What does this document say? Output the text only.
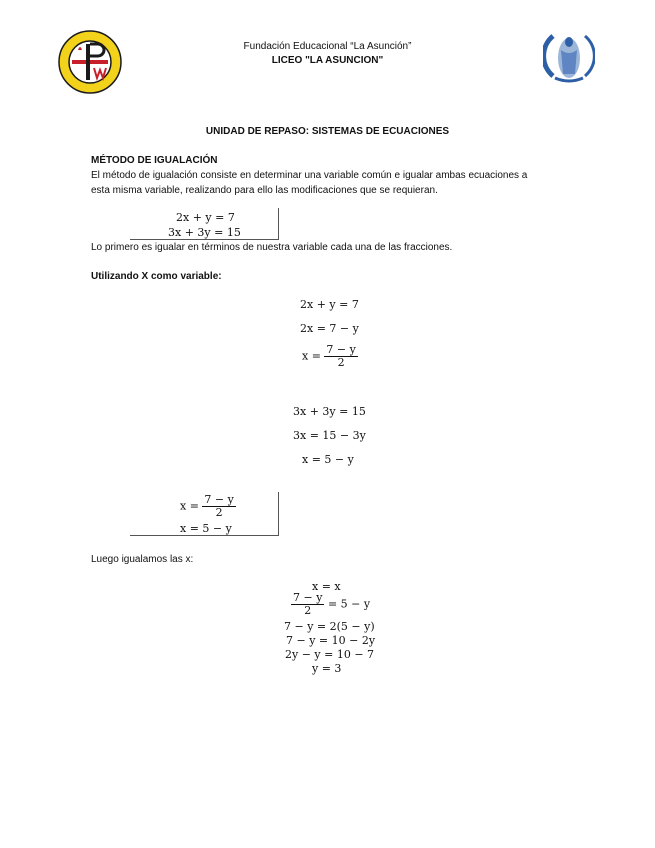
Fundación Educacional “La Asunción”
LICEO "LA ASUNCION"
UNIDAD DE REPASO: SISTEMAS DE ECUACIONES
MÉTODO DE IGUALACIÓN
El método de igualación consiste en determinar una variable común e igualar ambas ecuaciones a
esta misma variable, realizando para ello las modificaciones que se requieran.
2x + y = 7
3x + 3y = 15
Lo primero es igualar en términos de nuestra variable cada una de las fracciones.
Utilizando X como variable:
2x + y = 7
2x = 7 − y
$x = \frac{7 - y}{2}$
3x + 3y = 15
3x = 15 − 3y
x = 5 − y
$x = \frac{7 - y}{2}$
x = 5 − y
Luego igualamos las x:
x = x
$\frac{7 - y}{2} = 5 - y$
7 − y = 2(5 − y)
7 − y = 10 − 2y
2y − y = 10 − 7
y = 3
